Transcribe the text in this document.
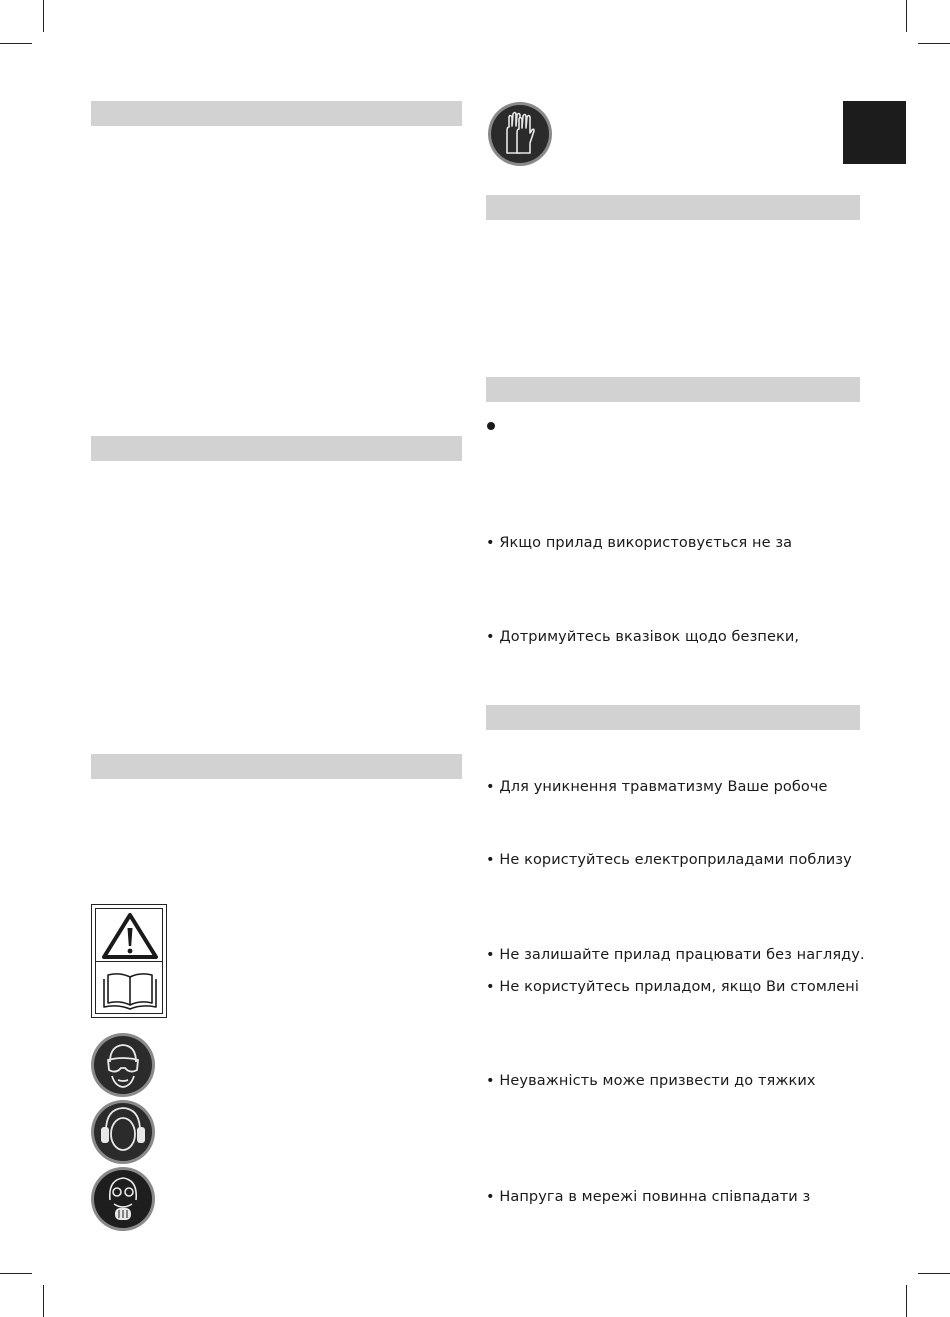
• Якщо прилад використовується не за
• Дотримуйтесь вказівок щодо безпеки,
• Для уникнення травматизму Ваше робоче
• Не користуйтесь електроприладами поблизу
• Не залишайте прилад працювати без нагляду.
• Не користуйтесь приладом, якщо Ви стомлені
• Неуважність може призвести до тяжких
• Напруга в мережі повинна співпадати з
